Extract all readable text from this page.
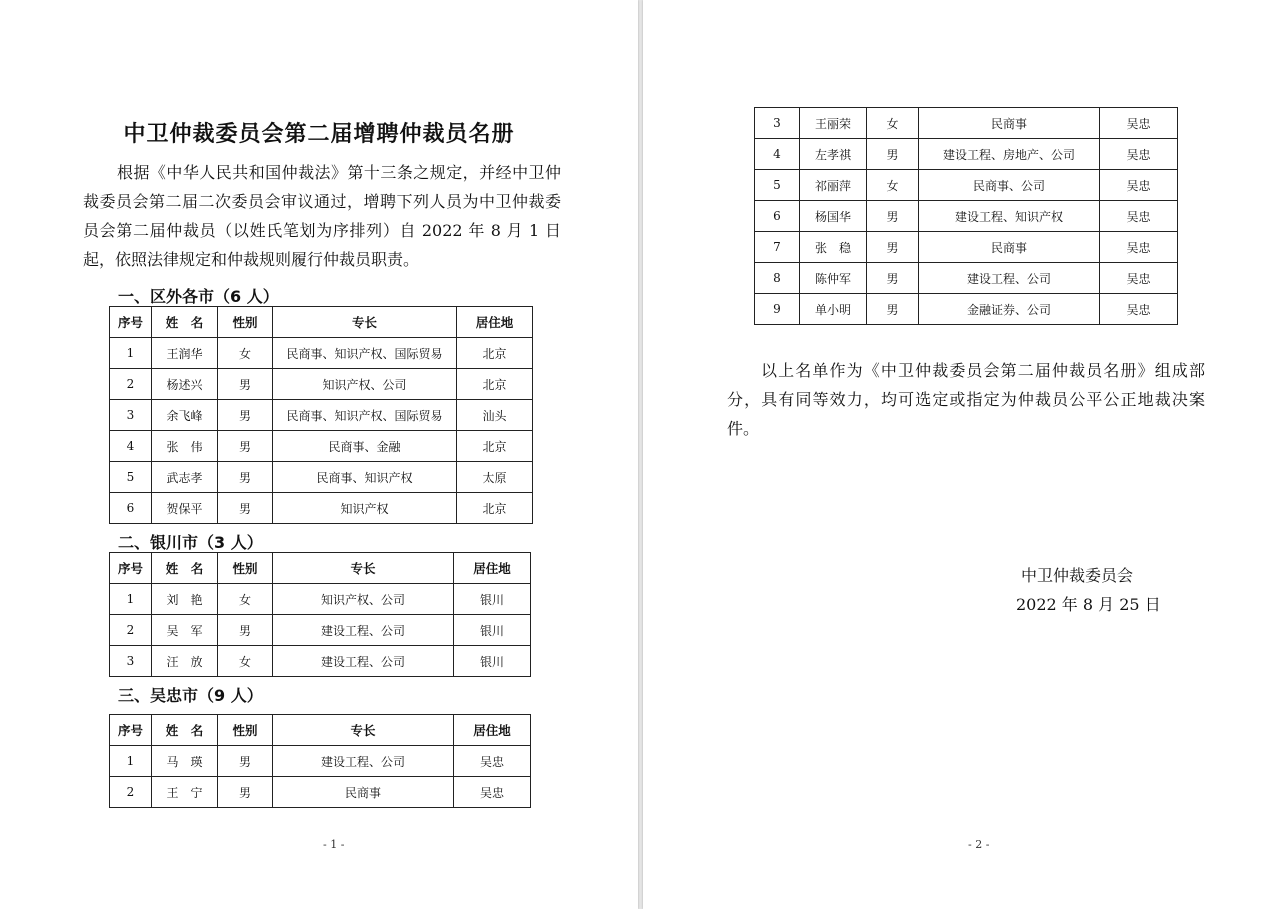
中卫仲裁委员会第二届增聘仲裁员名册

根据《中华人民共和国仲裁法》第十三条之规定，并经中卫仲裁委员会第二届二次委员会审议通过，增聘下列人员为中卫仲裁委员会第二届仲裁员（以姓氏笔划为序排列）自 2022 年 8 月 1 日起，依照法律规定和仲裁规则履行仲裁员职责。

一、区外各市（6 人）
序号	姓　名	性别	专长	居住地
1	王润华	女	民商事、知识产权、国际贸易	北京
2	杨述兴	男	知识产权、公司	北京
3	余飞峰	男	民商事、知识产权、国际贸易	汕头
4	张　伟	男	民商事、金融	北京
5	武志孝	男	民商事、知识产权	太原
6	贺保平	男	知识产权	北京
二、银川市（3 人）
序号	姓　名	性别	专长	居住地
1	刘　艳	女	知识产权、公司	银川
2	吴　军	男	建设工程、公司	银川
3	汪　放	女	建设工程、公司	银川
三、吴忠市（9 人）
序号	姓　名	性别	专长	居住地
1	马　瑛	男	建设工程、公司	吴忠
2	王　宁	男	民商事	吴忠
- 1 -
3	王丽荣	女	民商事	吴忠
4	左孝祺	男	建设工程、房地产、公司	吴忠
5	祁丽萍	女	民商事、公司	吴忠
6	杨国华	男	建设工程、知识产权	吴忠
7	张　稳	男	民商事	吴忠
8	陈仲军	男	建设工程、公司	吴忠
9	单小明	男	金融证券、公司	吴忠
- 2 -

以上名单作为《中卫仲裁委员会第二届仲裁员名册》组成部分，具有同等效力，均可选定或指定为仲裁员公平公正地裁决案件。

中卫仲裁委员会
2022 年 8 月 25 日
